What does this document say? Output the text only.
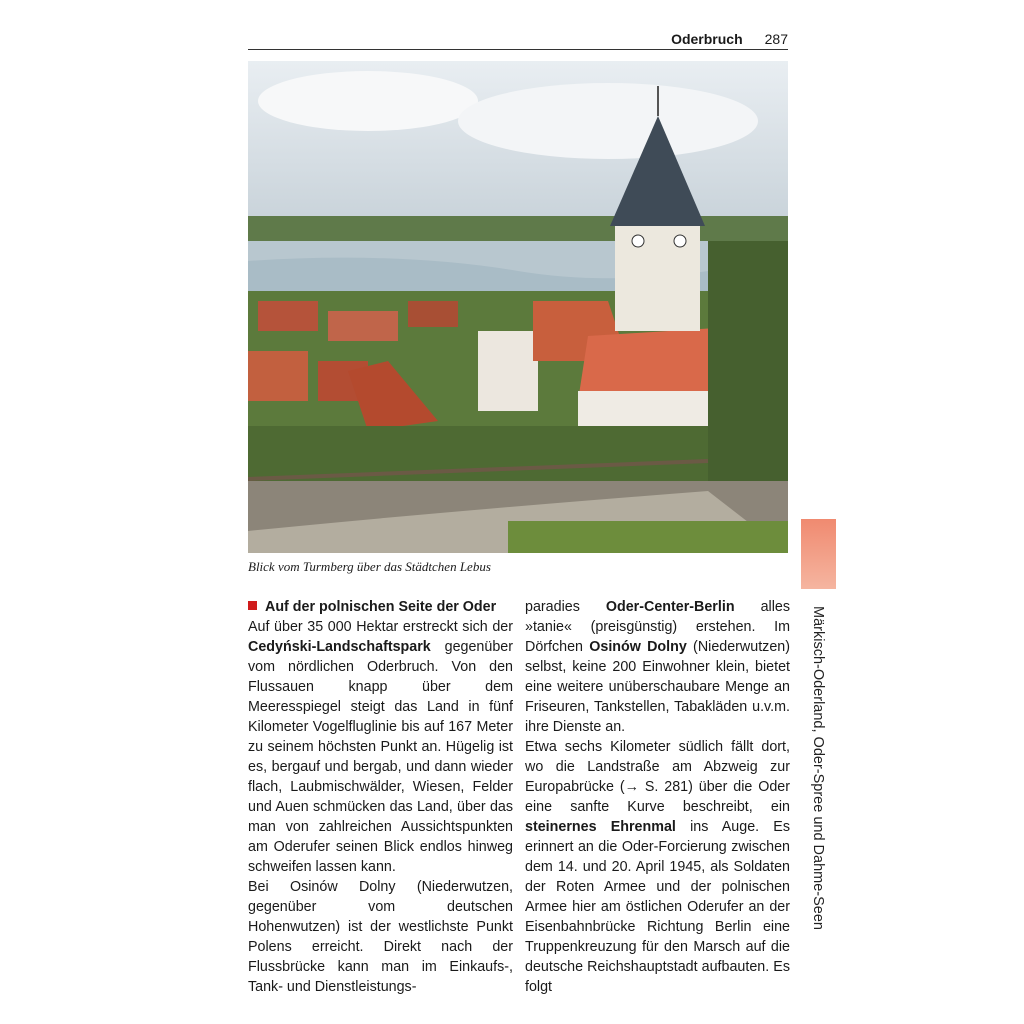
Oderbruch 287
Blick vom Turmberg über das Städtchen Lebus
Märkisch-Oderland, Oder-Spree und Dahme-Seen

Auf der polnischen Seite der Oder

Auf über 35 000 Hektar erstreckt sich der Cedyński-Landschaftspark gegenüber vom nördlichen Oderbruch. Von den Flussauen knapp über dem Meeresspiegel steigt das Land in fünf Kilometer Vogelfluglinie bis auf 167 Meter zu seinem höchsten Punkt an. Hügelig ist es, bergauf und bergab, und dann wieder flach, Laubmischwälder, Wiesen, Felder und Auen schmücken das Land, über das man von zahlreichen Aussichtspunkten am Oderufer seinen Blick endlos hinweg schweifen lassen kann.

Bei Osinów Dolny (Niederwutzen, gegenüber vom deutschen Hohenwutzen) ist der westlichste Punkt Polens erreicht. Direkt nach der Flussbrücke kann man im Einkaufs-, Tank- und Dienstleistungs-

paradies Oder-Center-Berlin alles »tanie« (preisgünstig) erstehen. Im Dörfchen Osinów Dolny (Niederwutzen) selbst, keine 200 Einwohner klein, bietet eine weitere unüberschaubare Menge an Friseuren, Tankstellen, Tabakläden u.v.m. ihre Dienste an.

Etwa sechs Kilometer südlich fällt dort, wo die Landstraße am Abzweig zur Europabrücke (→ S. 281) über die Oder eine sanfte Kurve beschreibt, ein steinernes Ehrenmal ins Auge. Es erinnert an die Oder-Forcierung zwischen dem 14. und 20. April 1945, als Soldaten der Roten Armee und der polnischen Armee hier am östlichen Oderufer an der Eisenbahnbrücke Richtung Berlin eine Truppenkreuzung für den Marsch auf die deutsche Reichshauptstadt aufbauten. Es folgt
